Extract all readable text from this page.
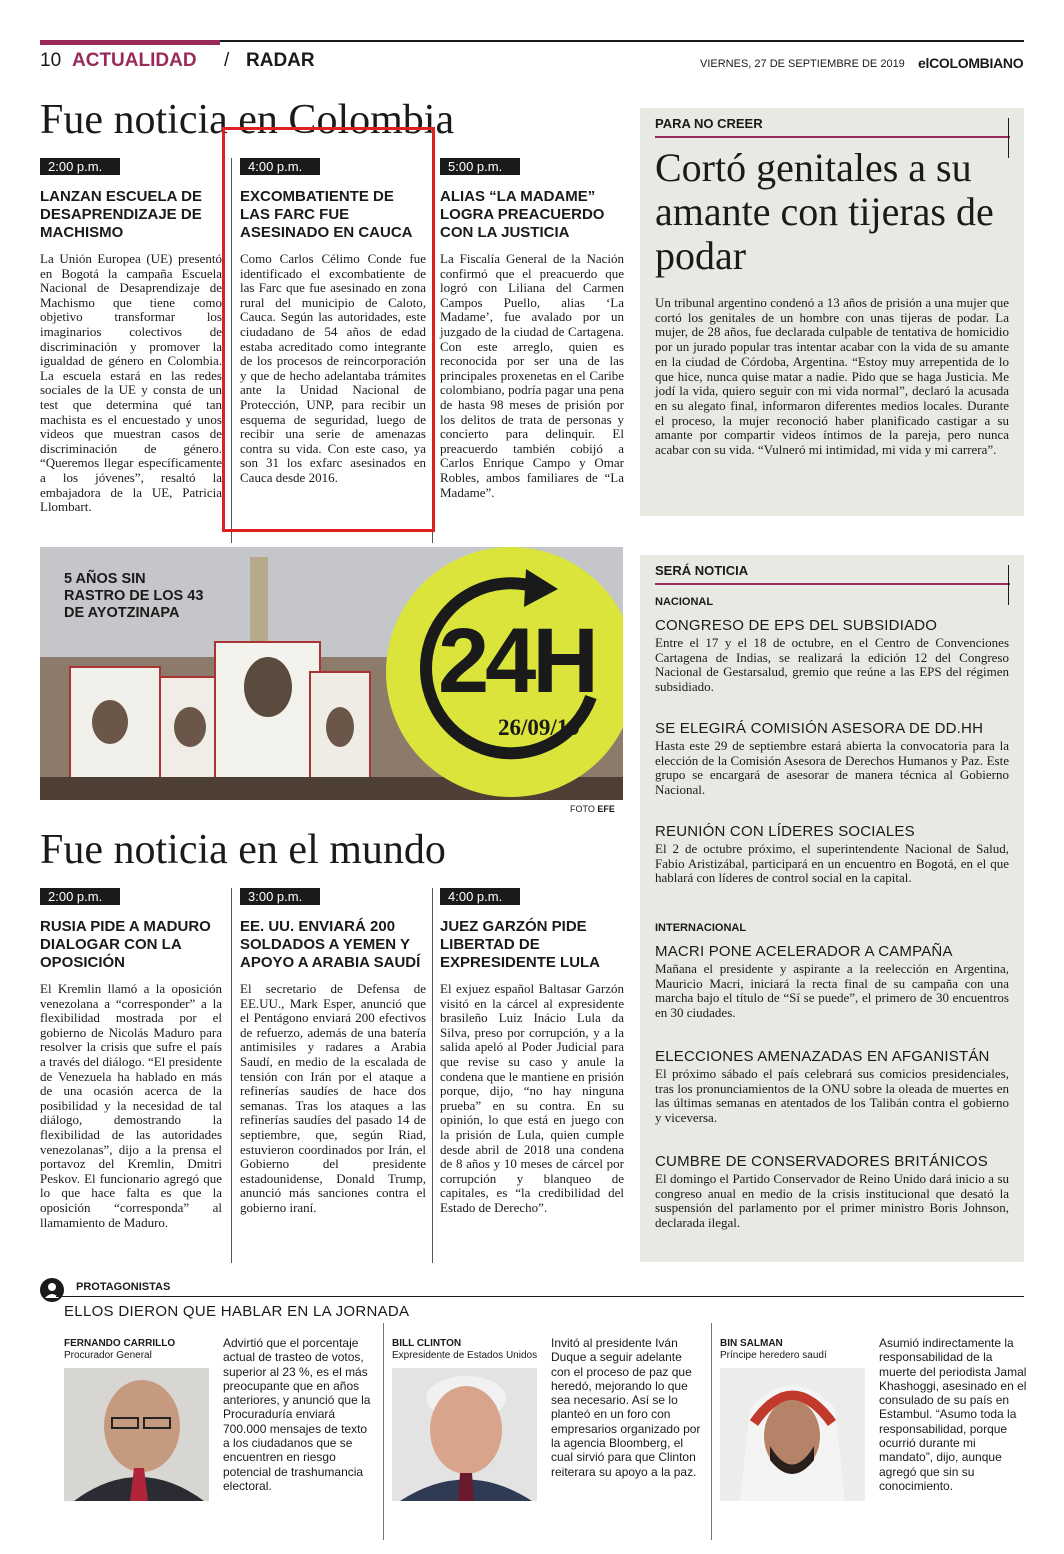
10 ACTUALIDAD / RADAR	VIERNES, 27 DE SEPTIEMBRE DE 2019 elCOLOMBIANO
Fue noticia en Colombia
2:00 p.m.
LANZAN ESCUELA DE DESAPRENDIZAJE DE MACHISMO
La Unión Europea (UE) presentó en Bogotá la campaña Escuela Nacional de Desaprendizaje de Machismo que tiene como objetivo transformar los imaginarios colectivos de discriminación y promover la igualdad de género en Colombia. La escuela estará en las redes sociales de la UE y consta de un test que determina qué tan machista es el encuestado y unos videos que muestran casos de discriminación de género. “Queremos llegar específicamente a los jóvenes”, resaltó la embajadora de la UE, Patricia Llombart.
4:00 p.m.
EXCOMBATIENTE DE LAS FARC FUE ASESINADO EN CAUCA
Como Carlos Célimo Conde fue identificado el excombatiente de las Farc que fue asesinado en zona rural del municipio de Caloto, Cauca. Según las autoridades, este ciudadano de 54 años de edad estaba acreditado como integrante de los procesos de reincorporación y que de hecho adelantaba trámites ante la Unidad Nacional de Protección, UNP, para recibir un esquema de seguridad, luego de recibir una serie de amenazas contra su vida. Con este caso, ya son 31 los exfarc asesinados en Cauca desde 2016.
5:00 p.m.
ALIAS “LA MADAME” LOGRA PREACUERDO CON LA JUSTICIA
La Fiscalía General de la Nación confirmó que el preacuerdo que logró con Liliana del Carmen Campos Puello, alias ‘La Madame’, fue avalado por un juzgado de la ciudad de Cartagena. Con este arreglo, quien es reconocida por ser una de las principales proxenetas en el Caribe colombiano, podría pagar una pena de hasta 98 meses de prisión por los delitos de trata de personas y concierto para delinquir. El preacuerdo también cobijó a Carlos Enrique Campo y Omar Robles, ambos familiares de “La Madame”.
PARA NO CREER
Cortó genitales a su amante con tijeras de podar
Un tribunal argentino condenó a 13 años de prisión a una mujer que cortó los genitales de un hombre con unas tijeras de podar. La mujer, de 28 años, fue declarada culpable de tentativa de homicidio por un jurado popular tras intentar acabar con la vida de su amante en la ciudad de Córdoba, Argentina. “Estoy muy arrepentida de lo que hice, nunca quise matar a nadie. Pido que se haga Justicia. Me jodí la vida, quiero seguir con mi vida normal”, declaró la acusada en su alegato final, informaron diferentes medios locales. Durante el proceso, la mujer reconoció haber planificado castigar a su amante por compartir videos íntimos de la pareja, pero nunca acabar con su vida. “Vulneró mi intimidad, mi vida y mi carrera”.
5 AÑOS SIN
RASTRO DE LOS 43
DE AYOTZINAPA	24H
26/09/19
FOTO EFE
Fue noticia en el mundo
2:00 p.m.
RUSIA PIDE A MADURO DIALOGAR CON LA OPOSICIÓN
El Kremlin llamó a la oposición venezolana a “corresponder” a la flexibilidad mostrada por el gobierno de Nicolás Maduro para resolver la crisis que sufre el país a través del diálogo. “El presidente de Venezuela ha hablado en más de una ocasión acerca de la posibilidad y la necesidad de tal diálogo, demostrando la flexibilidad de las autoridades venezolanas”, dijo a la prensa el portavoz del Kremlin, Dmitri Peskov. El funcionario agregó que lo que hace falta es que la oposición “corresponda” al llamamiento de Maduro.
3:00 p.m.
EE. UU. ENVIARÁ 200 SOLDADOS A YEMEN Y APOYO A ARABIA SAUDÍ
El secretario de Defensa de EE.UU., Mark Esper, anunció que el Pentágono enviará 200 efectivos de refuerzo, además de una batería antimisiles y radares a Arabia Saudí, en medio de la escalada de tensión con Irán por el ataque a refinerías saudíes de hace dos semanas. Tras los ataques a las refinerías saudíes del pasado 14 de septiembre, que, según Riad, estuvieron coordinados por Irán, el Gobierno del presidente estadounidense, Donald Trump, anunció más sanciones contra el gobierno iraní.
4:00 p.m.
JUEZ GARZÓN PIDE LIBERTAD DE EXPRESIDENTE LULA
El exjuez español Baltasar Garzón visitó en la cárcel al expresidente brasileño Luiz Inácio Lula da Silva, preso por corrupción, y a la salida apeló al Poder Judicial para que revise su caso y anule la condena que le mantiene en prisión porque, dijo, “no hay ninguna prueba” en su contra. En su opinión, lo que está en juego con la prisión de Lula, quien cumple desde abril de 2018 una condena de 8 años y 10 meses de cárcel por corrupción y blanqueo de capitales, es “la credibilidad del Estado de Derecho”.
SERÁ NOTICIA
NACIONAL
CONGRESO DE EPS DEL SUBSIDIADO
Entre el 17 y el 18 de octubre, en el Centro de Convenciones Cartagena de Indias, se realizará la edición 12 del Congreso Nacional de Gestarsalud, gremio que reúne a las EPS del régimen subsidiado.
SE ELEGIRÁ COMISIÓN ASESORA DE DD.HH
Hasta este 29 de septiembre estará abierta la convocatoria para la elección de la Comisión Asesora de Derechos Humanos y Paz. Este grupo se encargará de asesorar de manera técnica al Gobierno Nacional.
REUNIÓN CON LÍDERES SOCIALES
El 2 de octubre próximo, el superintendente Nacional de Salud, Fabio Aristizábal, participará en un encuentro en Bogotá, en el que hablará con líderes de control social en la capital.
INTERNACIONAL
MACRI PONE ACELERADOR A CAMPAÑA
Mañana el presidente y aspirante a la reelección en Argentina, Mauricio Macri, iniciará la recta final de su campaña con una marcha bajo el título de “Sí se puede”, el primero de 30 encuentros en 30 ciudades.
ELECCIONES AMENAZADAS EN AFGANISTÁN
El próximo sábado el país celebrará sus comicios presidenciales, tras los pronunciamientos de la ONU sobre la oleada de muertes en las últimas semanas en atentados de los Talibán contra el gobierno y viceversa.
CUMBRE DE CONSERVADORES BRITÁNICOS
El domingo el Partido Conservador de Reino Unido dará inicio a su congreso anual en medio de la crisis institucional que desató la suspensión del parlamento por el primer ministro Boris Johnson, declarada ilegal.
PROTAGONISTAS
ELLOS DIERON QUE HABLAR EN LA JORNADA
FERNANDO CARRILLO
Procurador General
Advirtió que el porcentaje actual de trasteo de votos, superior al 23 %, es el más preocupante que en años anteriores, y anunció que la Procuraduría enviará 700.000 mensajes de texto a los ciudadanos que se encuentren en riesgo potencial de trashumancia electoral.
BILL CLINTON
Expresidente de Estados Unidos
Invitó al presidente Iván Duque a seguir adelante con el proceso de paz que heredó, mejorando lo que sea necesario. Así se lo planteó en un foro con empresarios organizado por la agencia Bloomberg, el cual sirvió para que Clinton reiterara su apoyo a la paz.
BIN SALMAN
Príncipe heredero saudí
Asumió indirectamente la responsabilidad de la muerte del periodista Jamal Khashoggi, asesinado en el consulado de su país en Estambul. “Asumo toda la responsabilidad, porque ocurrió durante mi mandato”, dijo, aunque agregó que sin su conocimiento.
